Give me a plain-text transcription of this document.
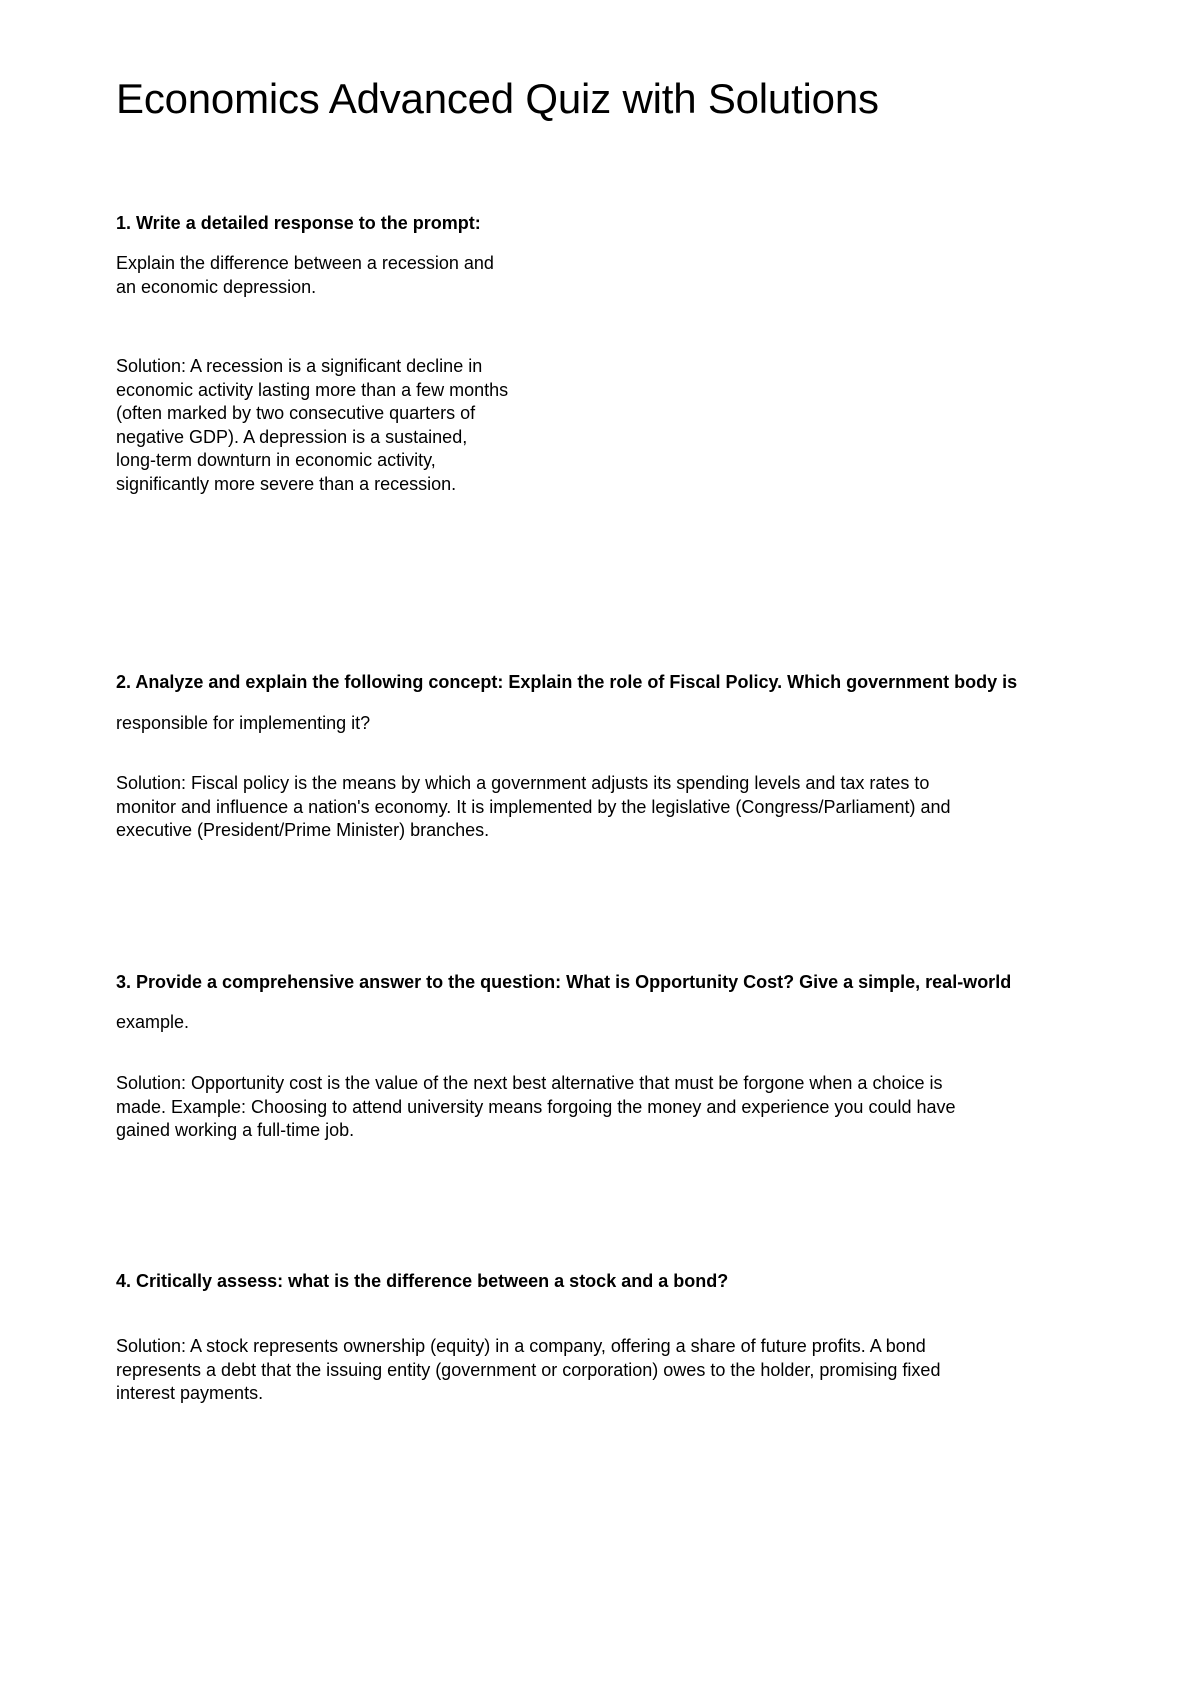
Economics Advanced Quiz with Solutions
1. Write a detailed response to the prompt:
Explain the difference between a recession and
an economic depression.
Solution: A recession is a significant decline in
economic activity lasting more than a few months
(often marked by two consecutive quarters of
negative GDP). A depression is a sustained,
long-term downturn in economic activity,
significantly more severe than a recession.
2. Analyze and explain the following concept: Explain the role of Fiscal Policy. Which government body is
responsible for implementing it?
Solution: Fiscal policy is the means by which a government adjusts its spending levels and tax rates to
monitor and influence a nation's economy. It is implemented by the legislative (Congress/Parliament) and
executive (President/Prime Minister) branches.
3. Provide a comprehensive answer to the question: What is Opportunity Cost? Give a simple, real-world
example.
Solution: Opportunity cost is the value of the next best alternative that must be forgone when a choice is
made. Example: Choosing to attend university means forgoing the money and experience you could have
gained working a full-time job.
4. Critically assess: what is the difference between a stock and a bond?
Solution: A stock represents ownership (equity) in a company, offering a share of future profits. A bond
represents a debt that the issuing entity (government or corporation) owes to the holder, promising fixed
interest payments.
